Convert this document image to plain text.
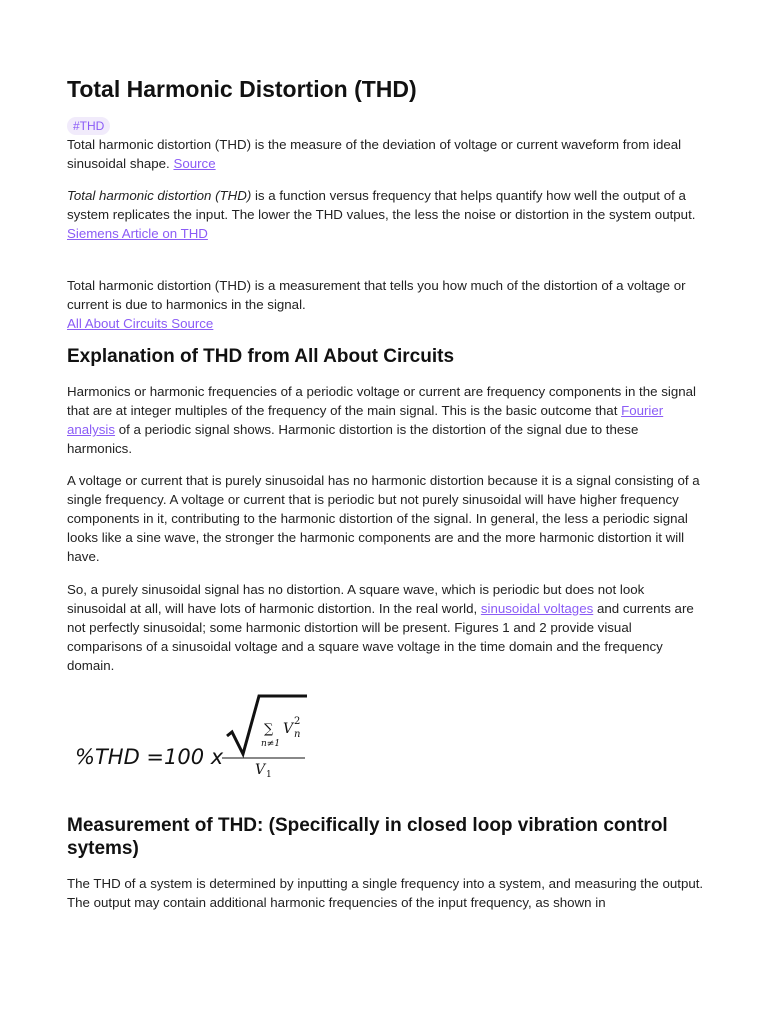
Total Harmonic Distortion (THD)
#THD

Total harmonic distortion (THD) is the measure of the deviation of voltage or current waveform from ideal sinusoidal shape. Source

Total harmonic distortion (THD) is a function versus frequency that helps quantify how well the output of a system replicates the input. The lower the THD values, the less the noise or distortion in the system output.
Siemens Article on THD

Total harmonic distortion (THD) is a measurement that tells you how much of the distortion of a voltage or current is due to harmonics in the signal.
All About Circuits Source

Explanation of THD from All About Circuits

Harmonics or harmonic frequencies of a periodic voltage or current are frequency components in the signal that are at integer multiples of the frequency of the main signal. This is the basic outcome that Fourier analysis of a periodic signal shows. Harmonic distortion is the distortion of the signal due to these harmonics.

A voltage or current that is purely sinusoidal has no harmonic distortion because it is a signal consisting of a single frequency. A voltage or current that is periodic but not purely sinusoidal will have higher frequency components in it, contributing to the harmonic distortion of the signal. In general, the less a periodic signal looks like a sine wave, the stronger the harmonic components are and the more harmonic distortion it will have.

So, a purely sinusoidal signal has no distortion. A square wave, which is periodic but does not look sinusoidal at all, will have lots of harmonic distortion. In the real world, sinusoidal voltages and currents are not perfectly sinusoidal; some harmonic distortion will be present. Figures 1 and 2 provide visual comparisons of a sinusoidal voltage and a square wave voltage in the time domain and the frequency domain.

%THD =100 x
∑
n≠1
V 2
n
V 1
Measurement of THD: (Specifically in closed loop vibration control sytems)

The THD of a system is determined by inputting a single frequency into a system, and measuring the output. The output may contain additional harmonic frequencies of the input frequency, as shown in
